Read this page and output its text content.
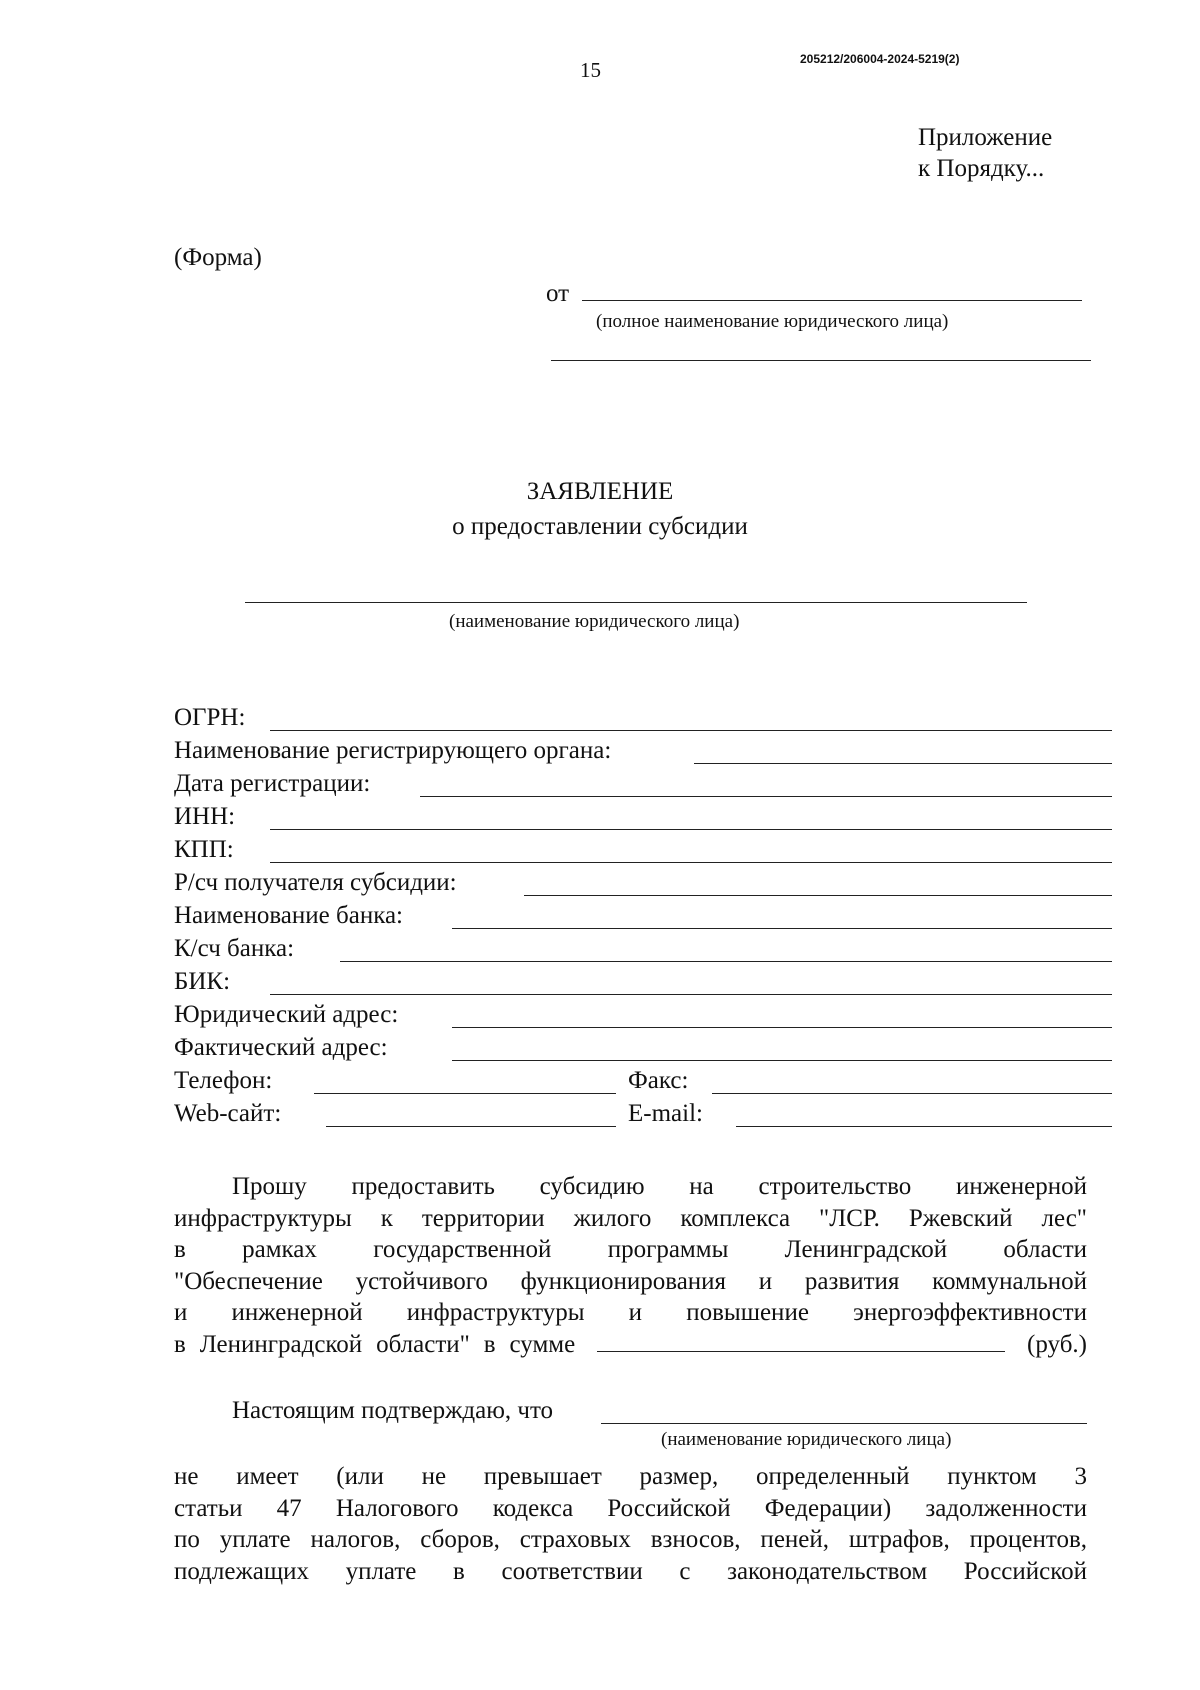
15	205212/206004-2024-5219(2)
Приложение
к Порядку...
(Форма)
от
(полное наименование юридического лица)
ЗАЯВЛЕНИЕ
о предоставлении субсидии
(наименование юридического лица)
ОГРН:
Наименование регистрирующего органа:
Дата регистрации:
ИНН:
КПП:
Р/сч получателя субсидии:
Наименование банка:
К/сч банка:
БИК:
Юридический адрес:
Фактический адрес:
Телефон:	Факс:
Web-сайт:	E-mail:
Прошу предоставить субсидию на строительство инженерной
инфраструктуры к территории жилого комплекса "ЛСР. Ржевский лес"
в рамках государственной программы Ленинградской области
"Обеспечение устойчивого функционирования и развития коммунальной
и инженерной инфраструктуры и повышение энергоэффективности
в Ленинградской области" в сумме	(руб.)
Настоящим подтверждаю, что
(наименование юридического лица)
не имеет (или не превышает размер, определенный пунктом 3
статьи 47 Налогового кодекса Российской Федерации) задолженности
по уплате налогов, сборов, страховых взносов, пеней, штрафов, процентов,
подлежащих уплате в соответствии с законодательством Российской
